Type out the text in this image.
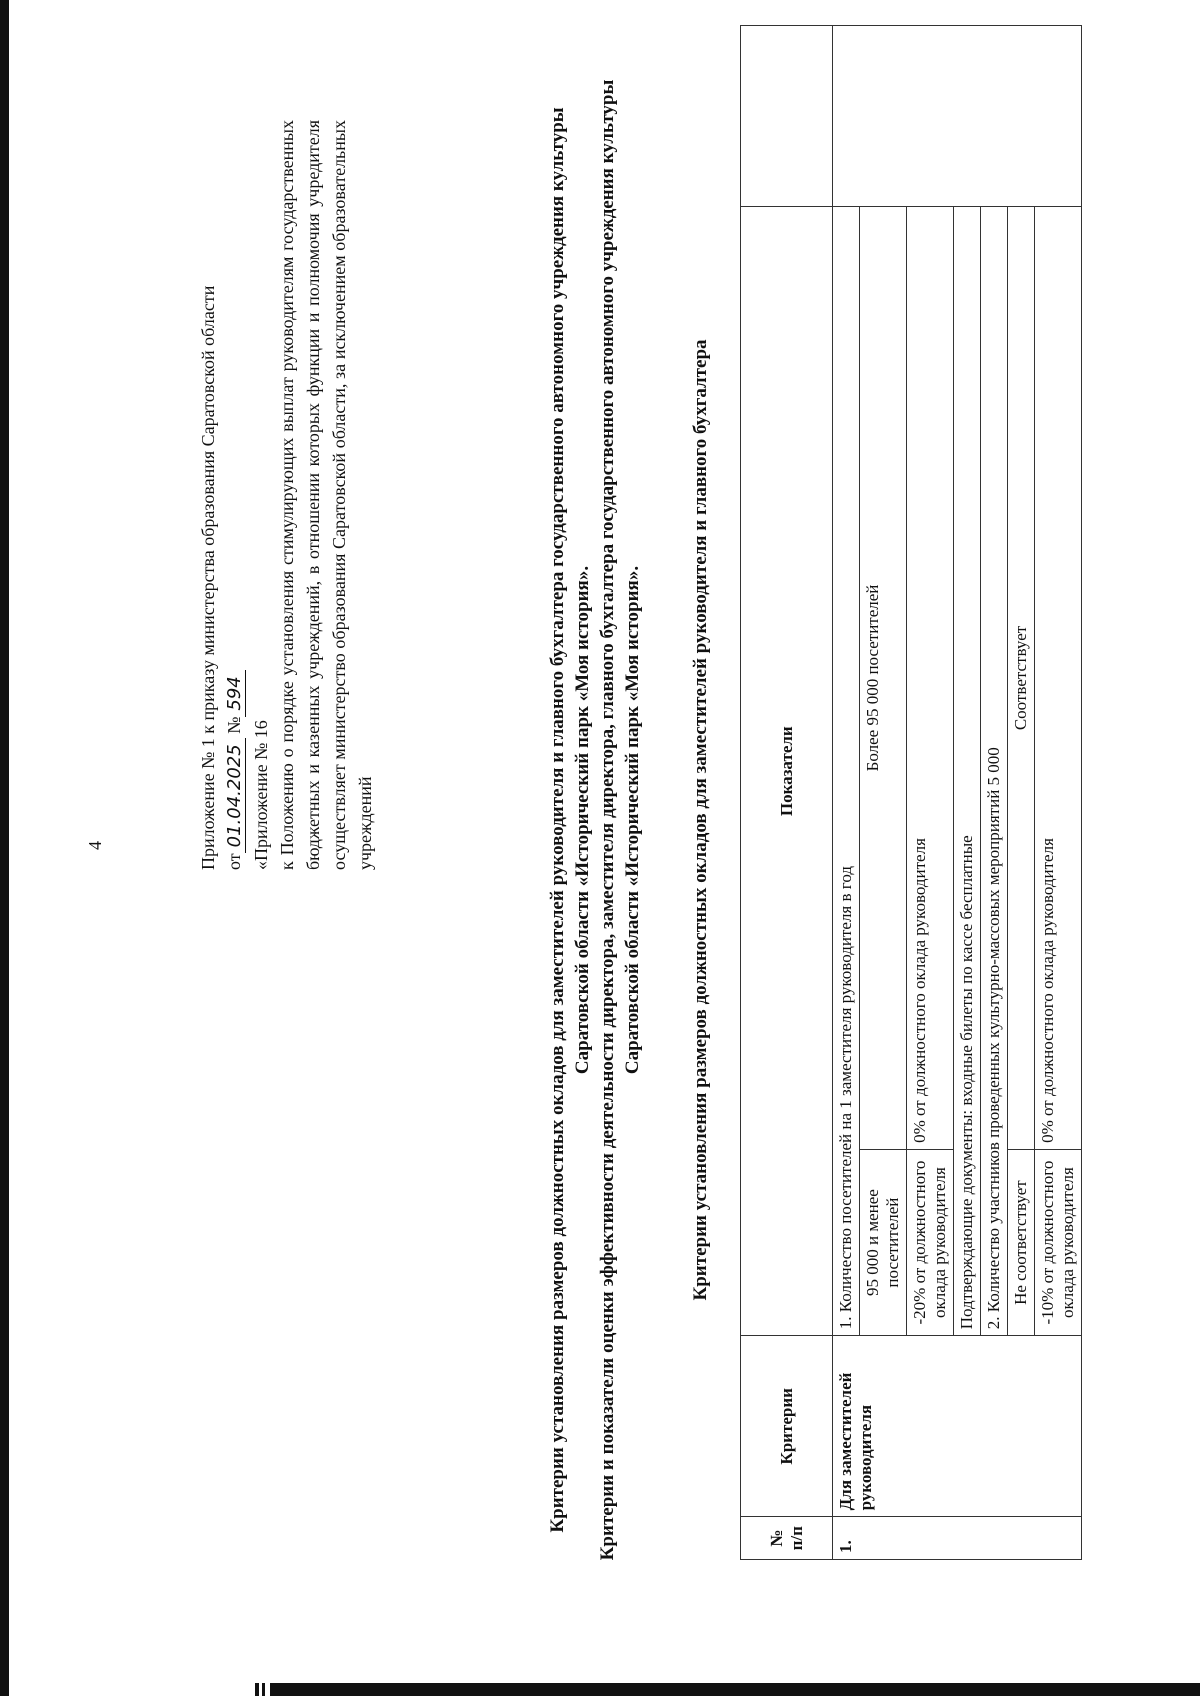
4	Приложение № 1 к приказу министерства образования Саратовской области от01.04.2025 №594

«Приложение № 16 к Положению о порядке установления стимулирующих выплат руководителям государственных бюджетных и казенных учреждений, в отношении которых функции и полномочия учредителя осуществляет министерство образования Саратовской области, за исключением образовательных учреждений	Критерии установления размеров должностных окладов для заместителей руководителя и главного бухгалтера государственного автономного учреждения культуры Саратовской области «Исторический парк «Моя история». Критерии и показатели оценки эффективности деятельности директора, заместителя директора, главного бухгалтера государственного автономного учреждения культуры Саратовской области «Исторический парк «Моя история». Критерии установления размеров должностных окладов для заместителей руководителя и главного бухгалтера
№ п/п	Критерии	Показатели		
1.	Для заместителей руководителя	1. Количество посетителей на 1 заместителя руководителя в год		
		95 000 и менее посетителей	Более 95 000 посетителей	
		-20% от должностного оклада руководителя	0% от должностного оклада руководителя	
		Подтверждающие документы: входные билеты по кассе бесплатные		
		2. Количество участников проведенных культурно-массовых мероприятий 5 000		
		Не соответствует	Соответствует	
		-10% от должностного оклада руководителя	0% от должностного оклада руководителя	
